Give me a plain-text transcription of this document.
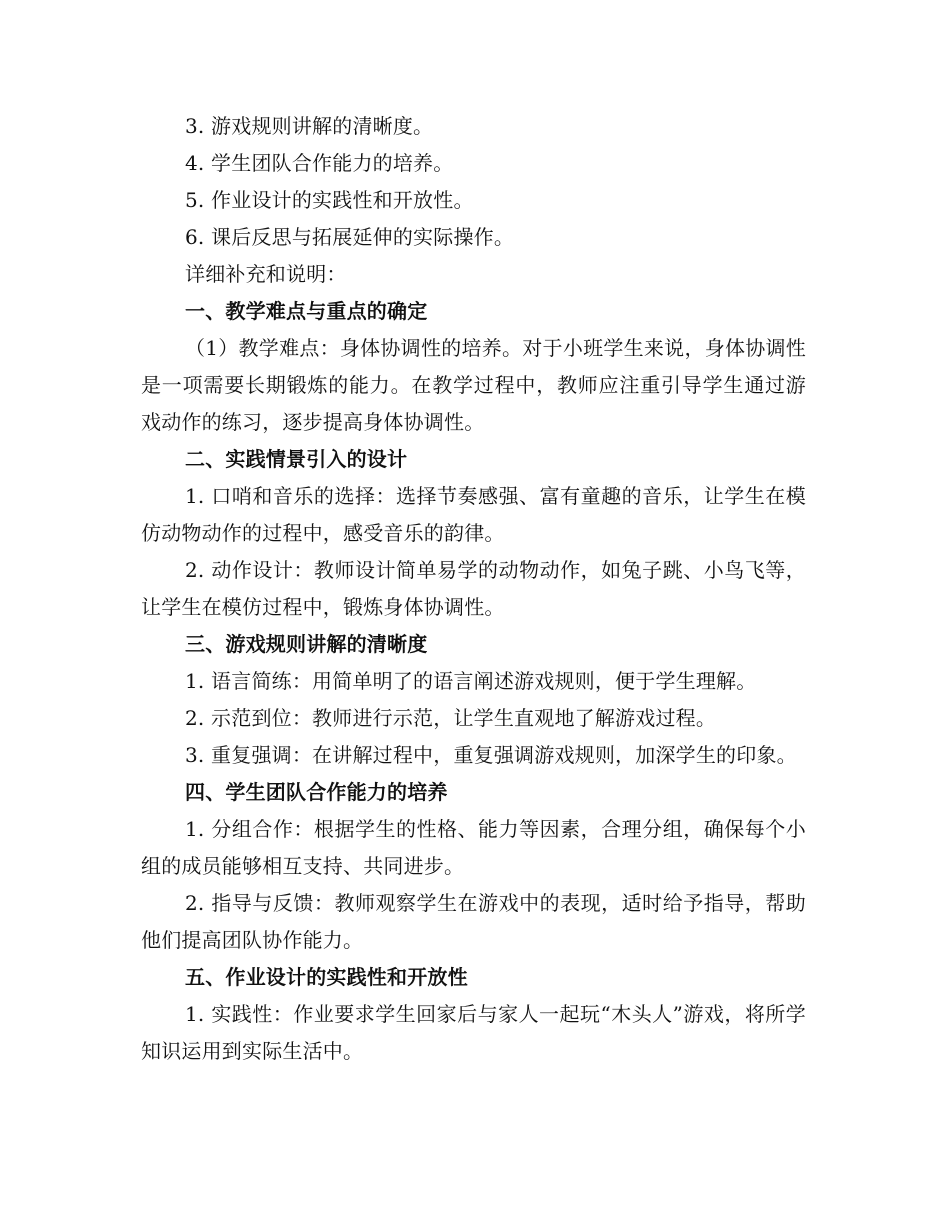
3. 游戏规则讲解的清晰度。
4. 学生团队合作能力的培养。
5. 作业设计的实践性和开放性。
6. 课后反思与拓展延伸的实际操作。
详细补充和说明：
一、教学难点与重点的确定
（1）教学难点：身体协调性的培养。对于小班学生来说，身体协调性是一项需要长期锻炼的能力。在教学过程中，教师应注重引导学生通过游戏动作的练习，逐步提高身体协调性。
二、实践情景引入的设计
1. 口哨和音乐的选择：选择节奏感强、富有童趣的音乐，让学生在模仿动物动作的过程中，感受音乐的韵律。
2. 动作设计：教师设计简单易学的动物动作，如兔子跳、小鸟飞等，让学生在模仿过程中，锻炼身体协调性。
三、游戏规则讲解的清晰度
1. 语言简练：用简单明了的语言阐述游戏规则，便于学生理解。
2. 示范到位：教师进行示范，让学生直观地了解游戏过程。
3. 重复强调：在讲解过程中，重复强调游戏规则，加深学生的印象。
四、学生团队合作能力的培养
1. 分组合作：根据学生的性格、能力等因素，合理分组，确保每个小组的成员能够相互支持、共同进步。
2. 指导与反馈：教师观察学生在游戏中的表现，适时给予指导，帮助他们提高团队协作能力。
五、作业设计的实践性和开放性
1. 实践性：作业要求学生回家后与家人一起玩“木头人”游戏，将所学知识运用到实际生活中。
